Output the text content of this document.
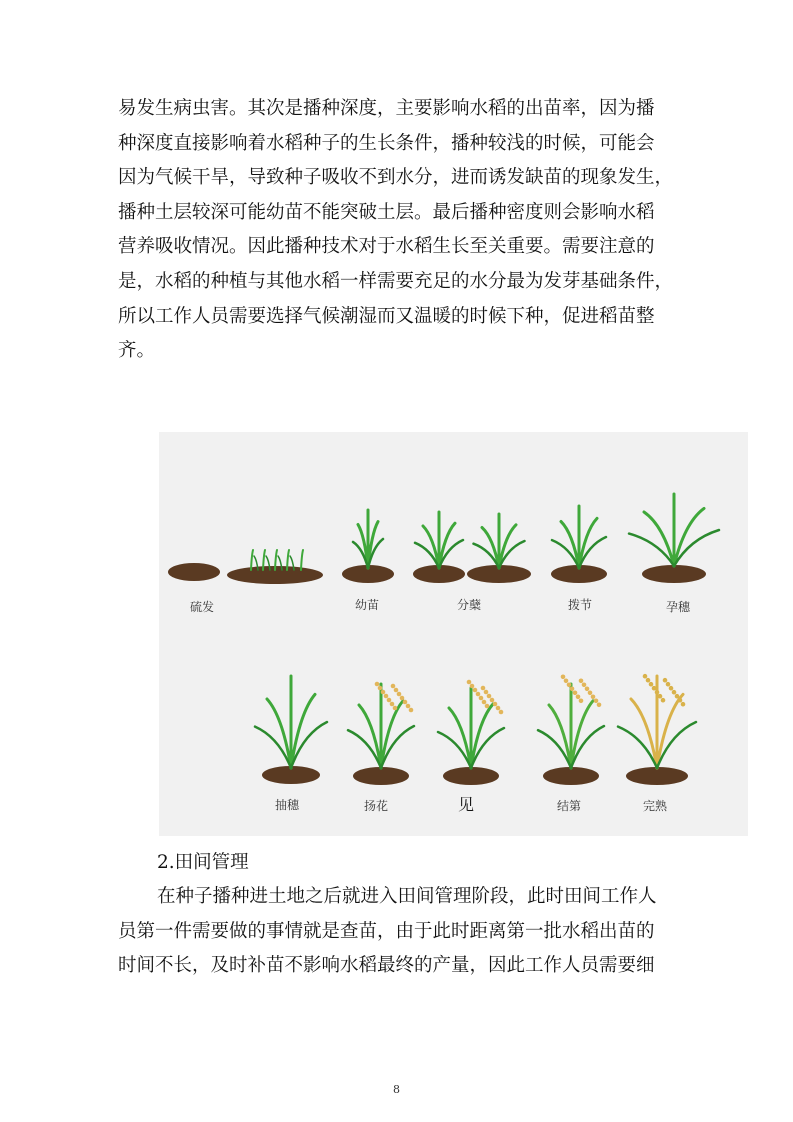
易发生病虫害。其次是播种深度，主要影响水稻的出苗率，因为播
种深度直接影响着水稻种子的生长条件，播种较浅的时候，可能会
因为气候干旱，导致种子吸收不到水分，进而诱发缺苗的现象发生，
播种土层较深可能幼苗不能突破土层。最后播种密度则会影响水稻
营养吸收情况。因此播种技术对于水稻生长至关重要。需要注意的
是，水稻的种植与其他水稻一样需要充足的水分最为发芽基础条件，
所以工作人员需要选择气候潮湿而又温暖的时候下种，促进稻苗整
齐。
硫发	幼苗	分蘖	拨节	孕穗
抽穗	扬花	见	结第	完熟

2.田间管理

在种子播种进土地之后就进入田间管理阶段，此时田间工作人
员第一件需要做的事情就是查苗，由于此时距离第一批水稻出苗的
时间不长，及时补苗不影响水稻最终的产量，因此工作人员需要细
8
